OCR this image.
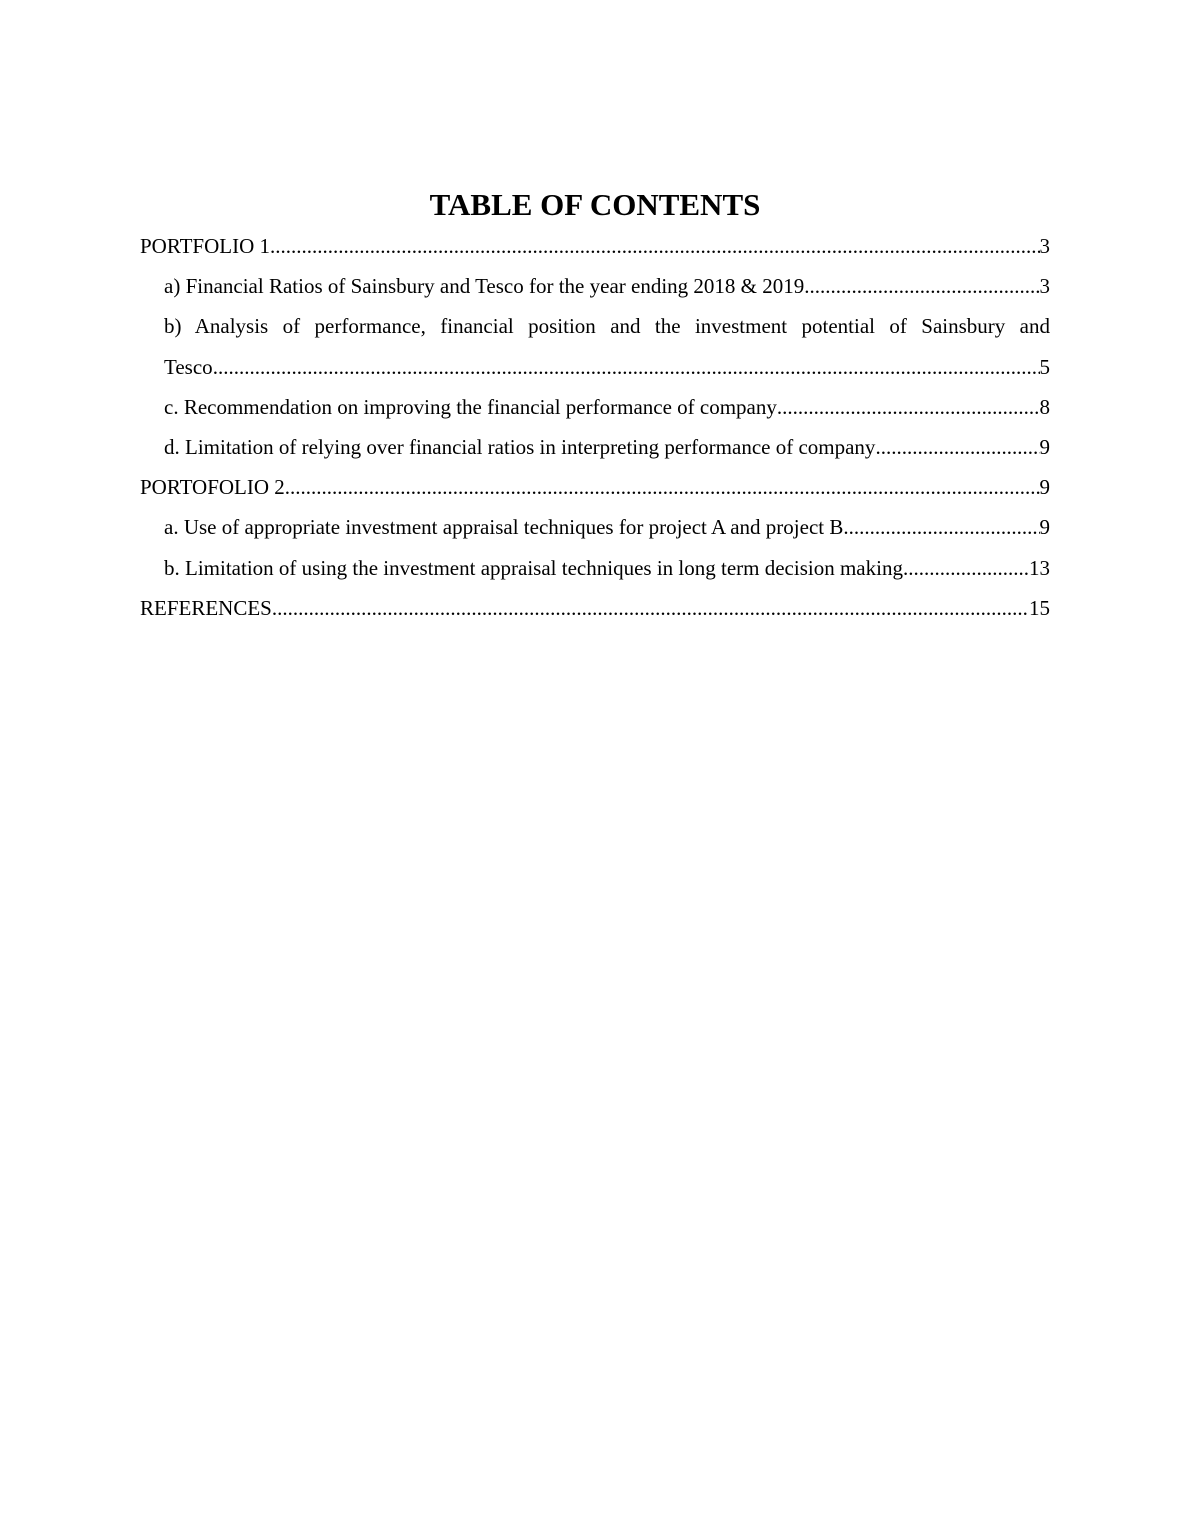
TABLE OF CONTENTS
PORTFOLIO 1 .....	3
a) Financial Ratios of Sainsbury and Tesco for the year ending 2018 & 2019 .....	3
b) Analysis of performance, financial position and the investment potential of Sainsbury and
Tesco .....	5
c. Recommendation on improving the financial performance of company .....	8
d. Limitation of relying over financial ratios in interpreting performance of company .....	9
PORTOFOLIO 2 .....	9
a. Use of appropriate investment appraisal techniques for project A and project B .....	9
b. Limitation of using the investment appraisal techniques in long term decision making .....	13
REFERENCES .....	15
